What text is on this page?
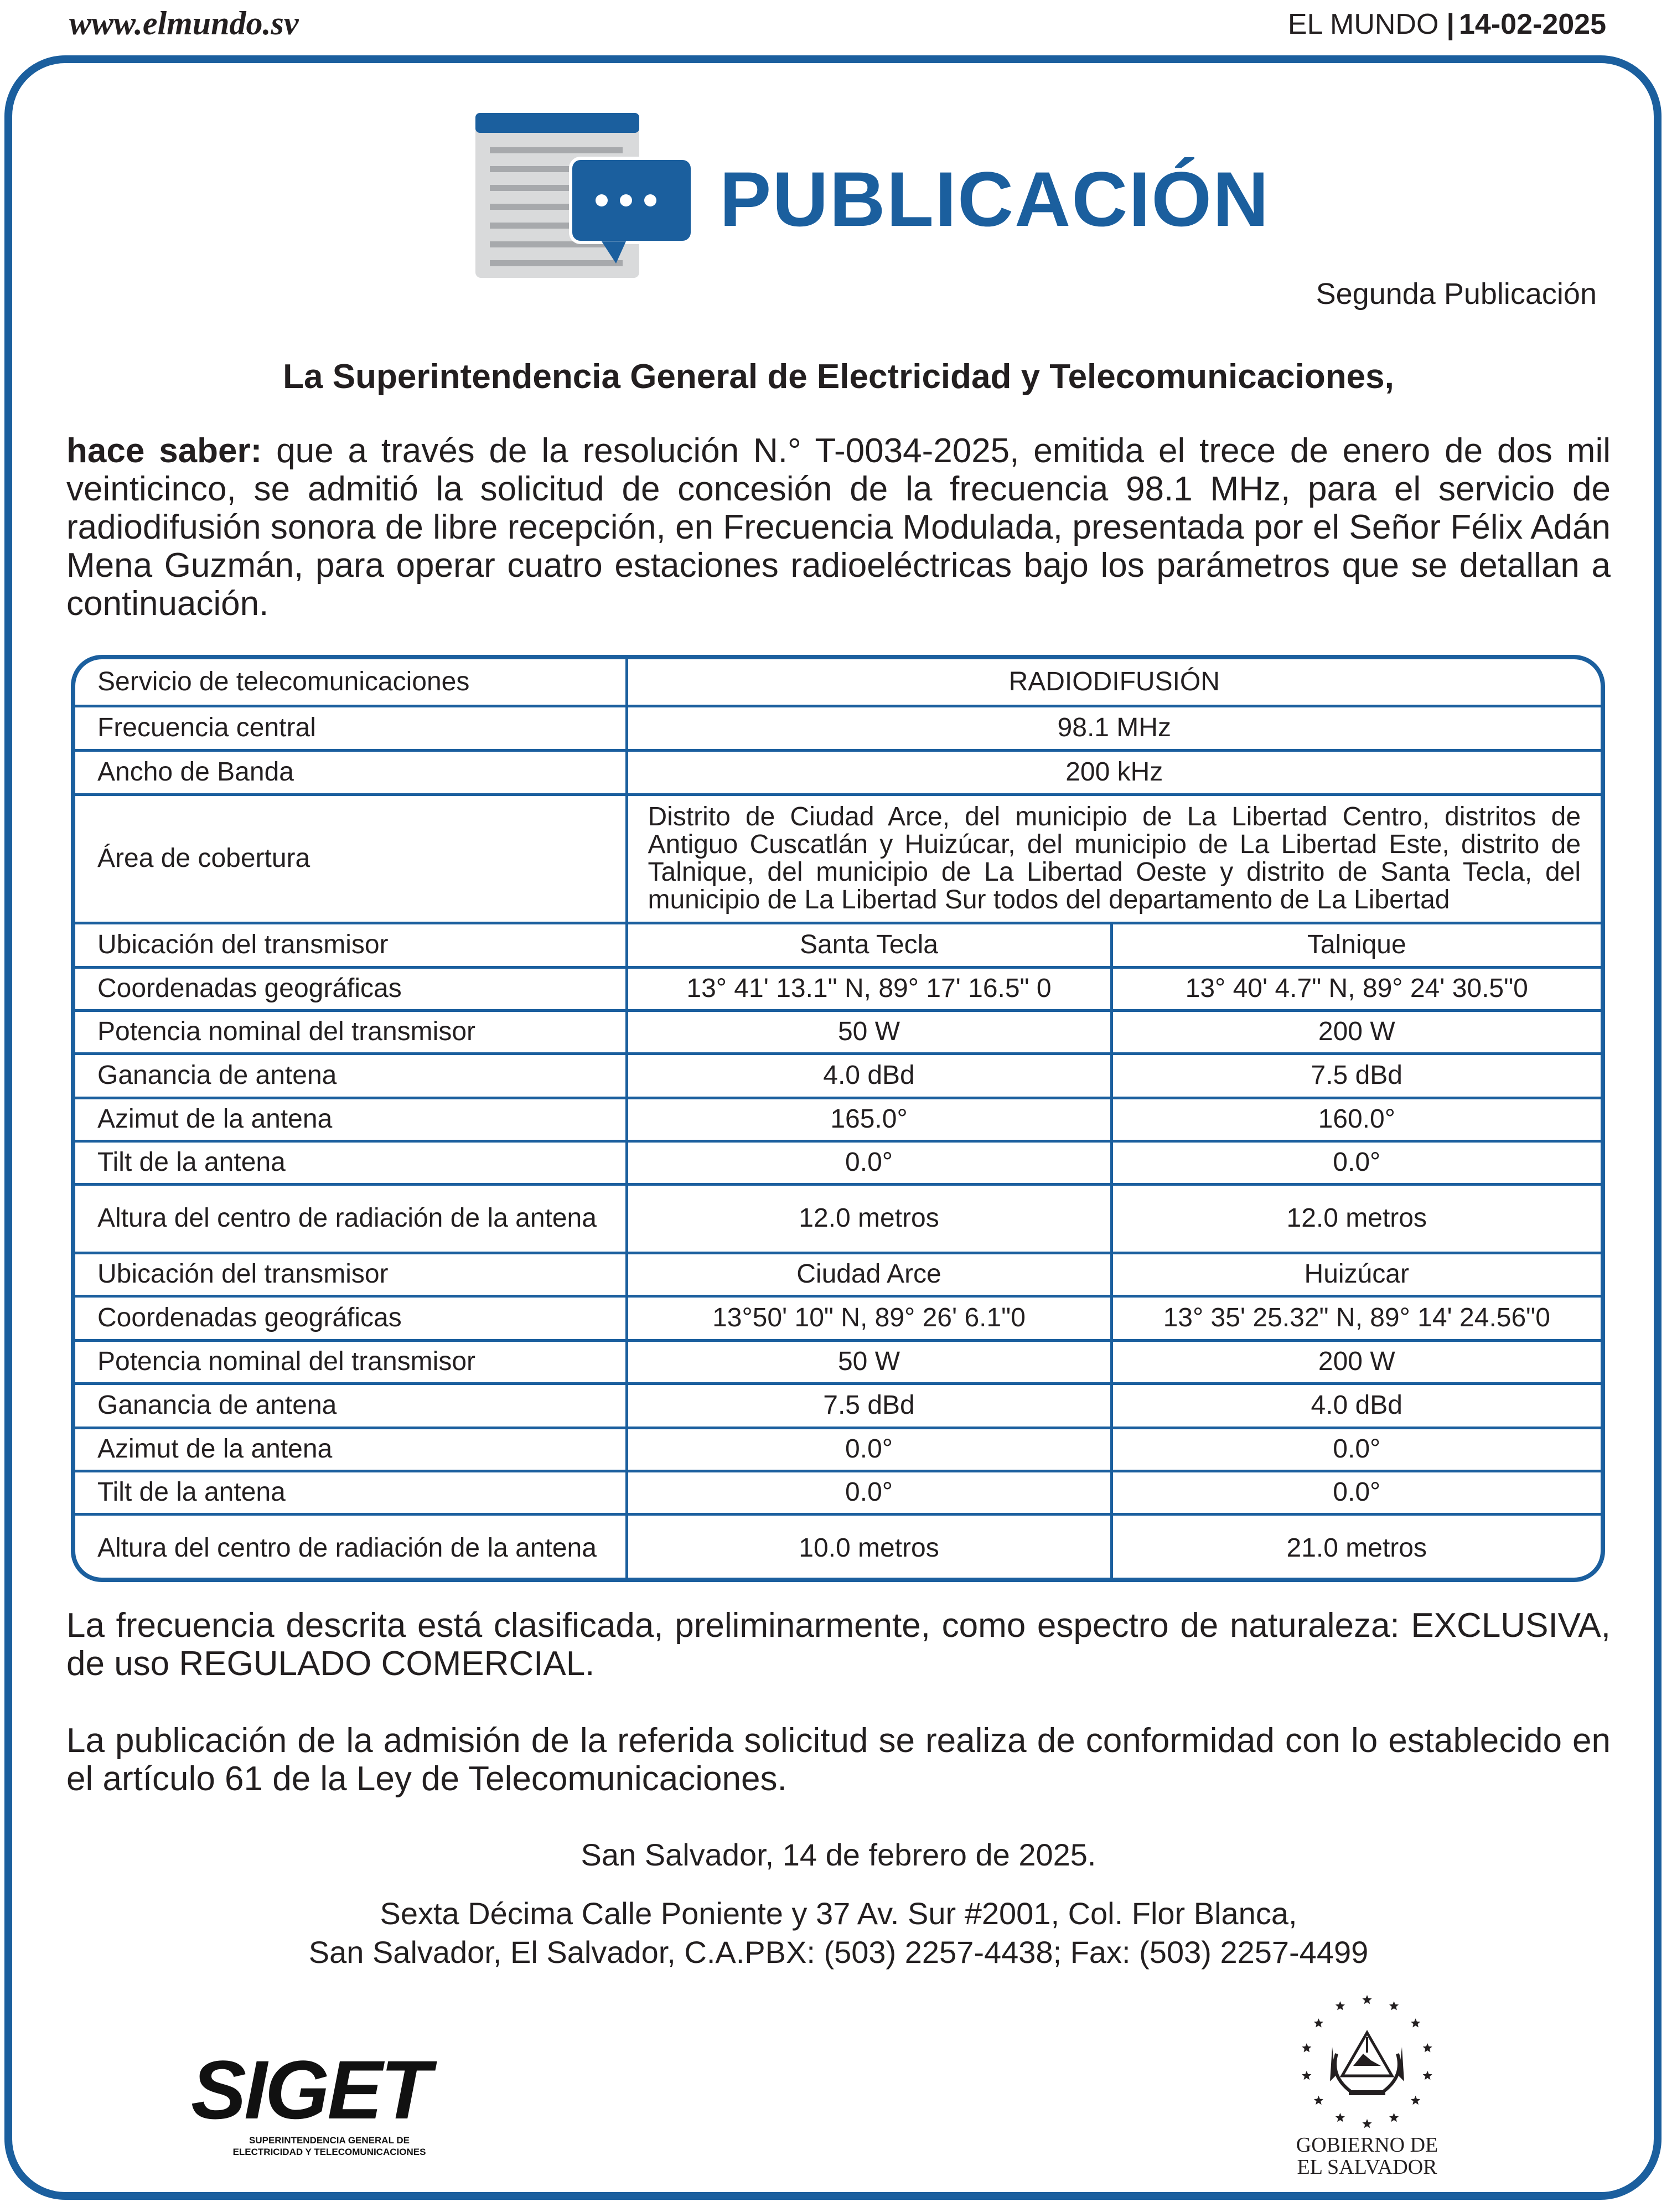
www.elmundo.sv	EL MUNDO | 14-02-2025
PUBLICACIÓN
Segunda Publicación
La Superintendencia General de Electricidad y Telecomunicaciones,
hace saber: que a través de la resolución N.° T-0034-2025, emitida el trece de enero de dos mil veinticinco, se admitió la solicitud de concesión de la frecuencia 98.1 MHz, para el servicio de radiodifusión sonora de libre recepción, en Frecuencia Modulada, presentada por el Señor Félix Adán Mena Guzmán, para operar cuatro estaciones radioeléctricas bajo los parámetros que se detallan a continuación.
Servicio de telecomunicaciones	RADIODIFUSIÓN	
Frecuencia central	98.1 MHz	
Ancho de Banda	200 kHz	
Área de cobertura	Distrito de Ciudad Arce, del municipio de La Libertad Centro, distritos de Antiguo Cuscatlán y Huizúcar, del municipio de La Libertad Este, distrito de Talnique, del municipio de La Libertad Oeste y distrito de Santa Tecla, del municipio de La Libertad Sur todos del departamento de La Libertad	
Ubicación del transmisor	Santa Tecla	Talnique
Coordenadas geográficas	13° 41' 13.1" N, 89° 17' 16.5" 0	13° 40' 4.7" N, 89° 24' 30.5"0
Potencia nominal del transmisor	50 W	200 W
Ganancia de antena	4.0 dBd	7.5 dBd
Azimut de la antena	165.0°	160.0°
Tilt de la antena	0.0°	0.0°
Altura del centro de radiación de la antena	12.0 metros	12.0 metros
Ubicación del transmisor	Ciudad Arce	Huizúcar
Coordenadas geográficas	13°50' 10" N, 89° 26' 6.1"0	13° 35' 25.32" N, 89° 14' 24.56"0
Potencia nominal del transmisor	50 W	200 W
Ganancia de antena	7.5 dBd	4.0 dBd
Azimut de la antena	0.0°	0.0°
Tilt de la antena	0.0°	0.0°
Altura del centro de radiación de la antena	10.0 metros	21.0 metros
La frecuencia descrita está clasificada, preliminarmente, como espectro de naturaleza: EXCLUSIVA, de uso REGULADO COMERCIAL.
La publicación de la admisión de la referida solicitud se realiza de conformidad con lo establecido en el artículo 61 de la Ley de Telecomunicaciones.
San Salvador, 14 de febrero de 2025.
Sexta Décima Calle Poniente y 37 Av. Sur #2001, Col. Flor Blanca,
San Salvador, El Salvador, C.A.PBX: (503) 2257-4438; Fax: (503) 2257-4499
SIGET
SUPERINTENDENCIA GENERAL DE
ELECTRICIDAD Y TELECOMUNICACIONES	GOBIERNO DE
EL SALVADOR
